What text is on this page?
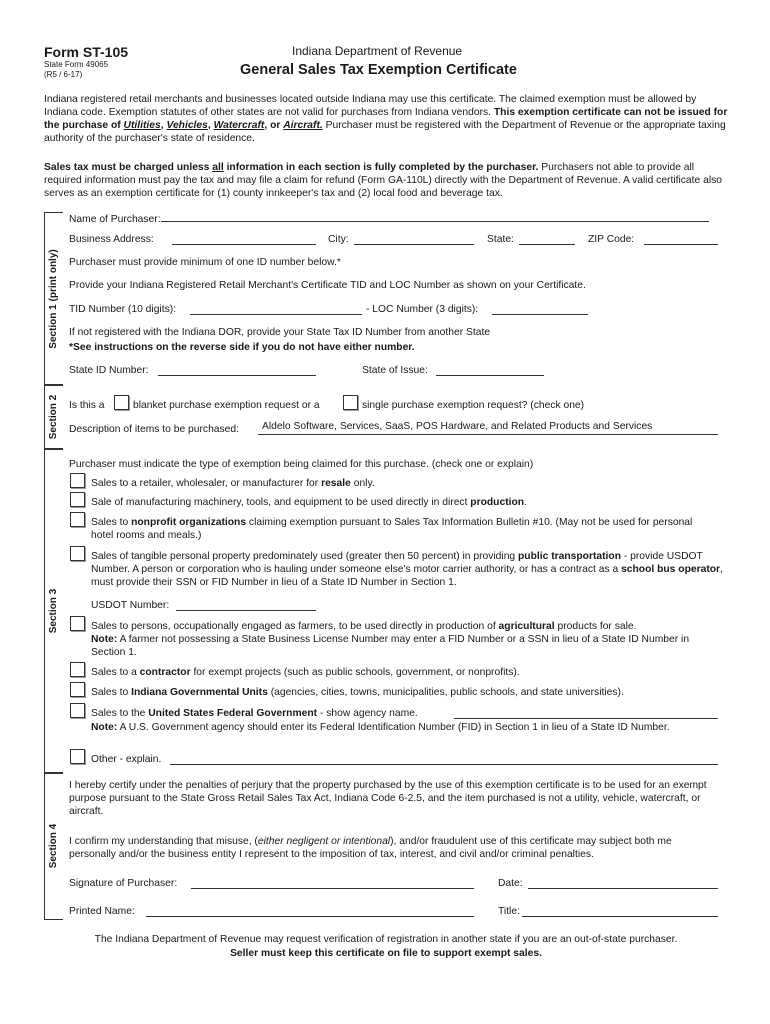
Form ST-105
State Form 49065
(R5 / 6-17)
Indiana Department of Revenue
General Sales Tax Exemption Certificate
Indiana registered retail merchants and businesses located outside Indiana may use this certificate. The claimed exemption must be allowed by Indiana code. Exemption statutes of other states are not valid for purchases from Indiana vendors. This exemption certificate can not be issued for the purchase of Utilities, Vehicles, Watercraft, or Aircraft. Purchaser must be registered with the Department of Revenue or the appropriate taxing authority of the purchaser's state of residence.
Sales tax must be charged unless all information in each section is fully completed by the purchaser. Purchasers not able to provide all required information must pay the tax and may file a claim for refund (Form GA-110L) directly with the Department of Revenue. A valid certificate also serves as an exemption certificate for (1) county innkeeper's tax and (2) local food and beverage tax.
Section 1 (print only)
Section 2
Section 3
Section 4
Name of Purchaser:
Business Address:	City:	State:	ZIP Code:
Purchaser must provide minimum of one ID number below.*
Provide your Indiana Registered Retail Merchant's Certificate TID and LOC Number as shown on your Certificate.
TID Number (10 digits):	- LOC Number (3 digits):
If not registered with the Indiana DOR, provide your State Tax ID Number from another State
*See instructions on the reverse side if you do not have either number.
State ID Number:	State of Issue:
Is this a	blanket purchase exemption request or a	single purchase exemption request? (check one)
Description of items to be purchased: Aldelo Software, Services, SaaS, POS Hardware, and Related Products and Services
Purchaser must indicate the type of exemption being claimed for this purchase. (check one or explain)
Sales to a retailer, wholesaler, or manufacturer for resale only.
Sale of manufacturing machinery, tools, and equipment to be used directly in direct production.
Sales to nonprofit organizations claiming exemption pursuant to Sales Tax Information Bulletin #10. (May not be used for personal hotel rooms and meals.)
Sales of tangible personal property predominately used (greater then 50 percent) in providing public transportation - provide USDOT Number. A person or corporation who is hauling under someone else's motor carrier authority, or has a contract as a school bus operator, must provide their SSN or FID Number in lieu of a State ID Number in Section 1.
USDOT Number:
Sales to persons, occupationally engaged as farmers, to be used directly in production of agricultural products for sale.
Note: A farmer not possessing a State Business License Number may enter a FID Number or a SSN in lieu of a State ID Number in Section 1.
Sales to a contractor for exempt projects (such as public schools, government, or nonprofits).
Sales to Indiana Governmental Units (agencies, cities, towns, municipalities, public schools, and state universities).
Sales to the United States Federal Government - show agency name.
Note: A U.S. Government agency should enter its Federal Identification Number (FID) in Section 1 in lieu of a State ID Number.
Other - explain.
I hereby certify under the penalties of perjury that the property purchased by the use of this exemption certificate is to be used for an exempt purpose pursuant to the State Gross Retail Sales Tax Act, Indiana Code 6-2.5, and the item purchased is not a utility, vehicle, watercraft, or aircraft.
I confirm my understanding that misuse, (either negligent or intentional), and/or fraudulent use of this certificate may subject both me personally and/or the business entity I represent to the imposition of tax, interest, and civil and/or criminal penalties.
Signature of Purchaser:	Date:
Printed Name:	Title:
The Indiana Department of Revenue may request verification of registration in another state if you are an out-of-state purchaser.
Seller must keep this certificate on file to support exempt sales.
